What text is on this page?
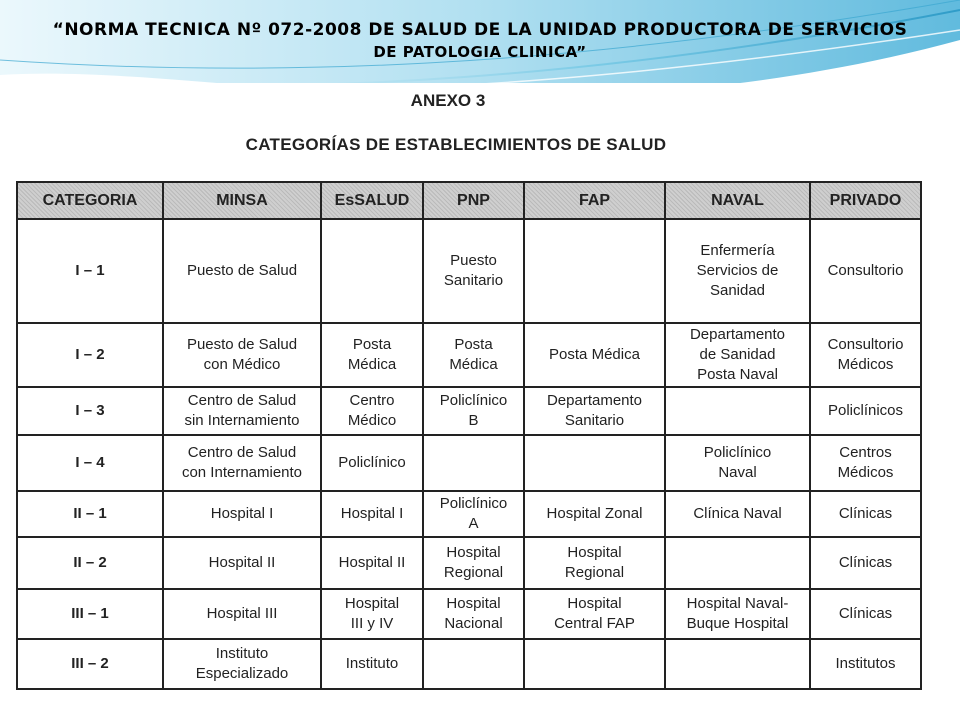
“NORMA TECNICA Nº 072-2008 DE SALUD DE LA UNIDAD PRODUCTORA DE SERVICIOS
DE PATOLOGIA CLINICA”
ANEXO 3
CATEGORÍAS DE ESTABLECIMIENTOS DE SALUD
CATEGORIA	MINSA	EsSALUD	PNP	FAP	NAVAL	PRIVADO

I – 1	Puesto de Salud		Puesto
Sanitario		Enfermería
Servicios de
Sanidad	Consultorio

I – 2	Puesto de Salud
con Médico	Posta
Médica	Posta
Médica	Posta Médica	Departamento
de Sanidad
Posta Naval	Consultorio
Médicos

I – 3	Centro de Salud
sin Internamiento	Centro
Médico	Policlínico
B	Departamento
Sanitario		Policlínicos

I – 4	Centro de Salud
con Internamiento	Policlínico			Policlínico
Naval	Centros
Médicos

II – 1	Hospital I	Hospital I	Policlínico
A	Hospital Zonal	Clínica Naval	Clínicas

II – 2	Hospital II	Hospital II	Hospital
Regional	Hospital
Regional		Clínicas

III – 1	Hospital III	Hospital
III y IV	Hospital
Nacional	Hospital
Central FAP	Hospital Naval-
Buque Hospital	Clínicas

III – 2	Instituto
Especializado	Instituto				Institutos
